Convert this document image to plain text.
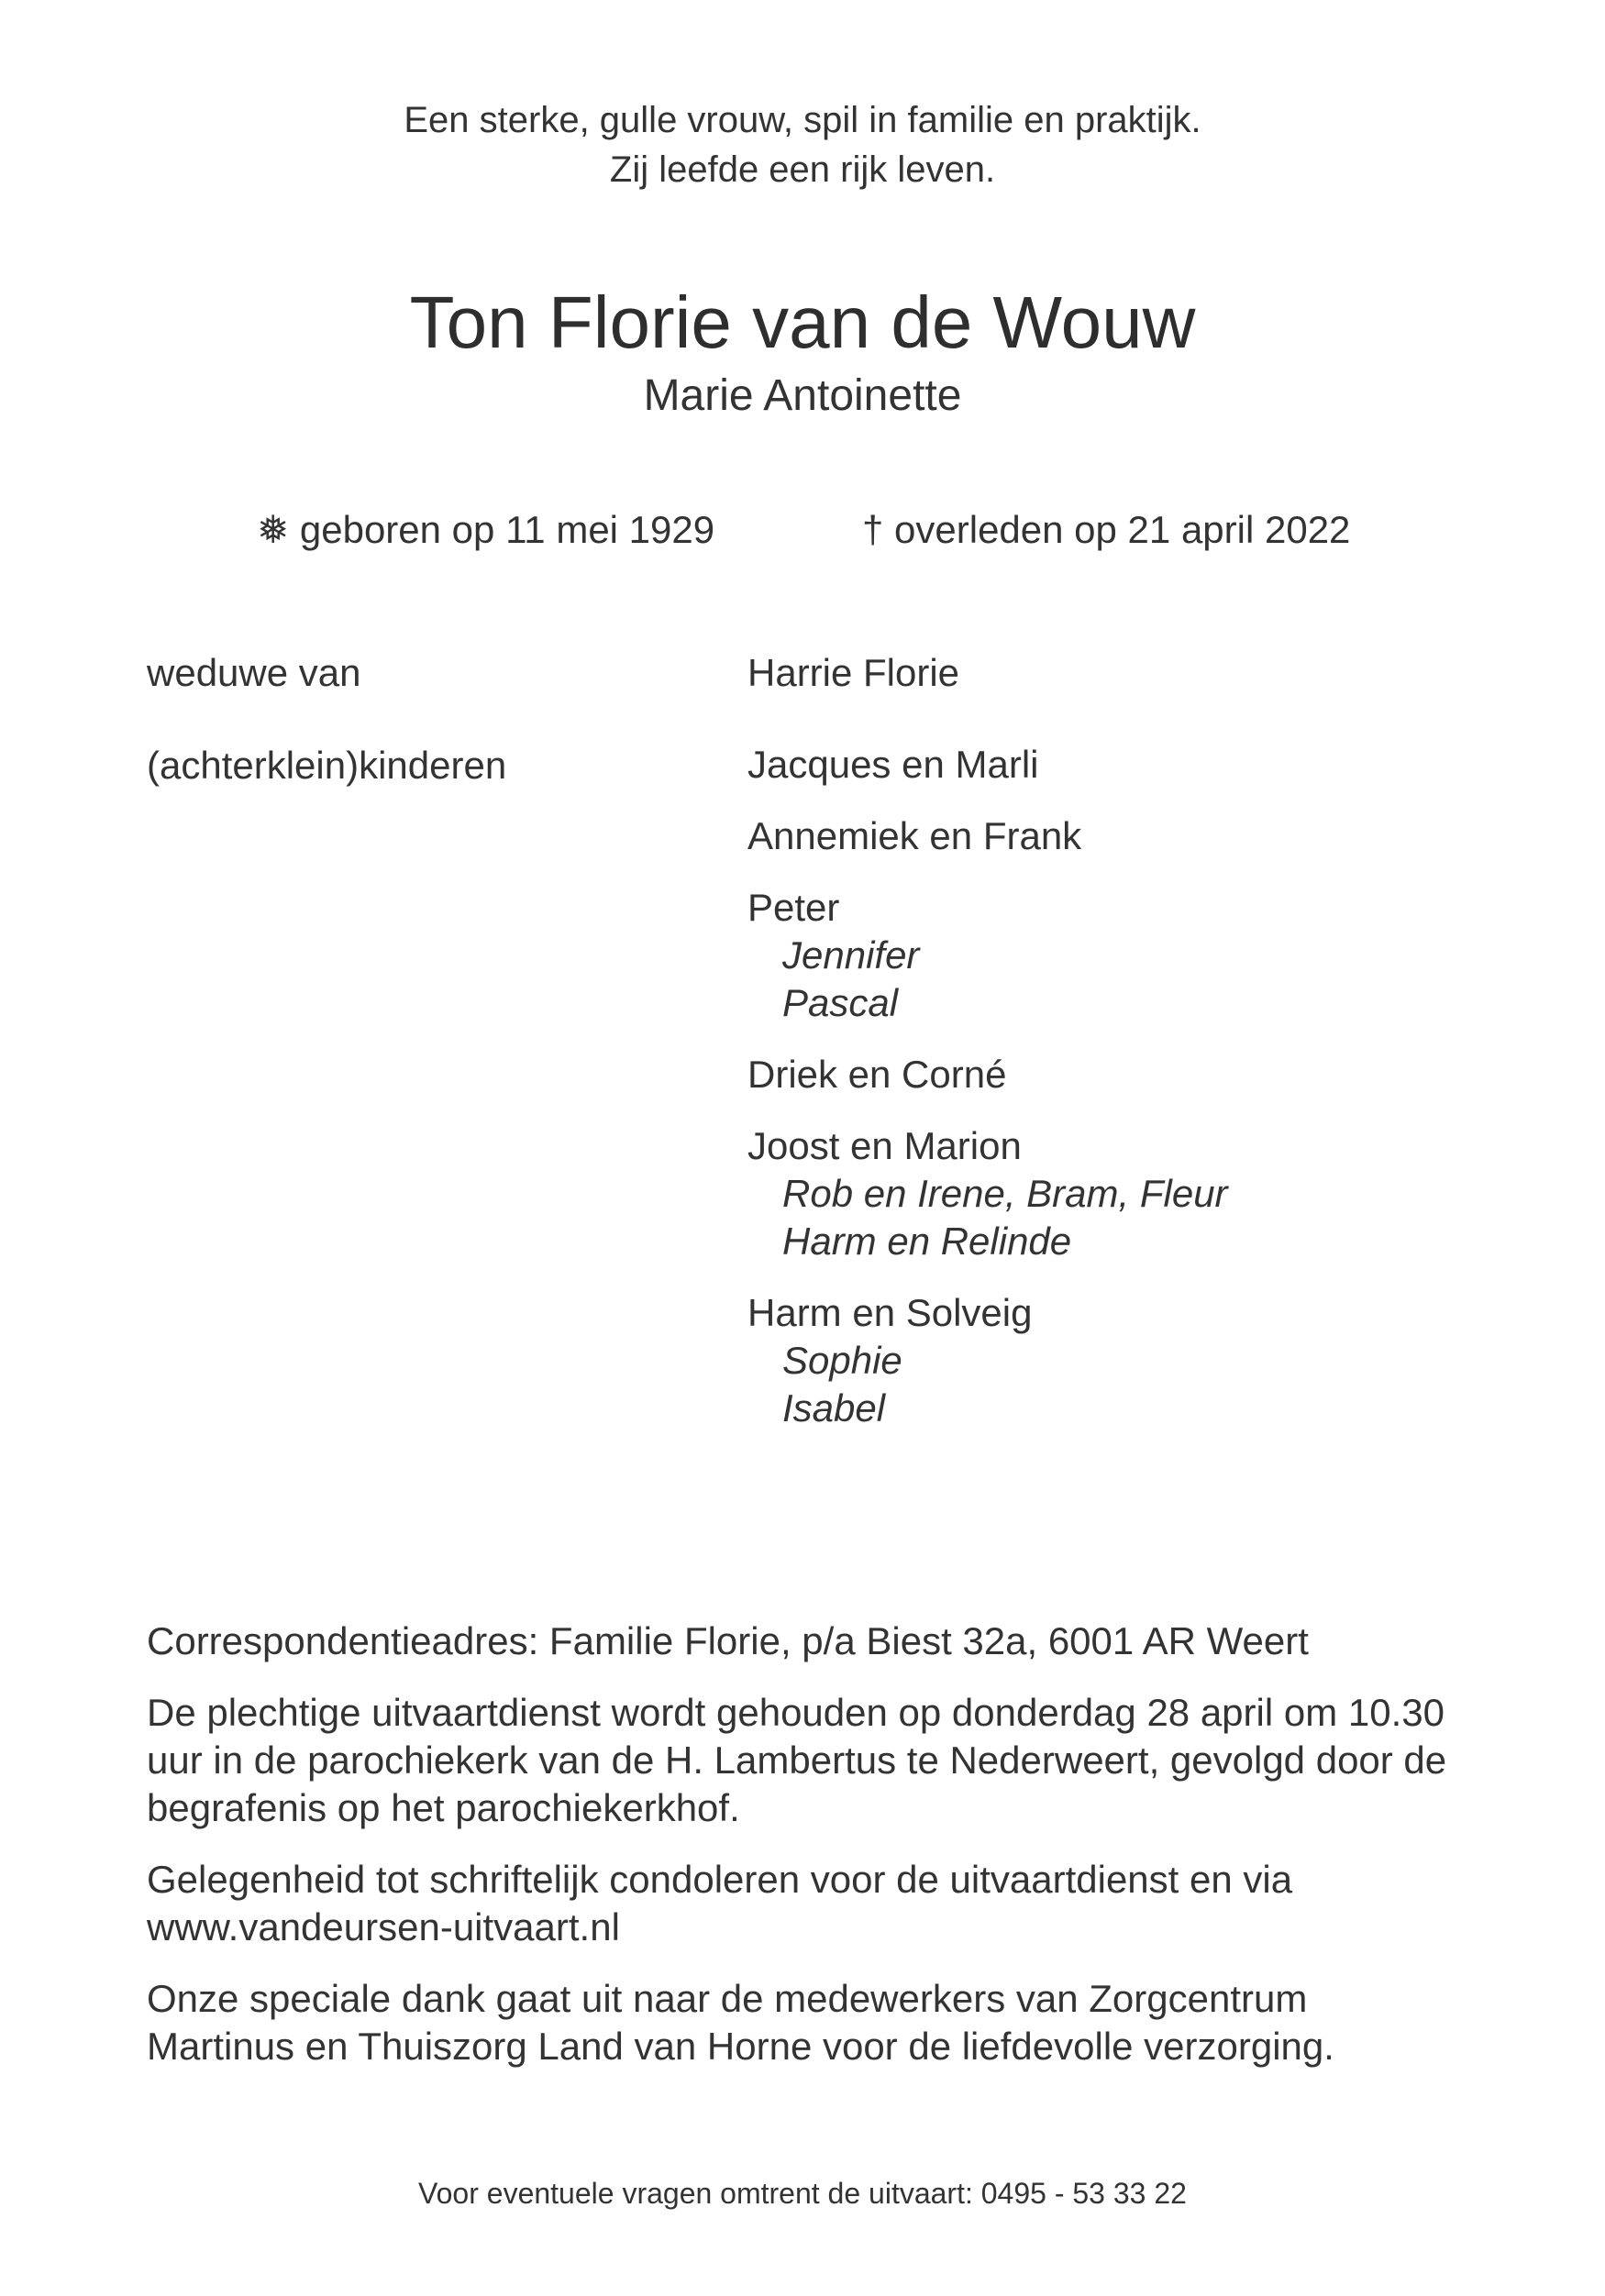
Een sterke, gulle vrouw, spil in familie en praktijk.
Zij leefde een rijk leven.
Ton Florie van de Wouw
Marie Antoinette
❅ geboren op 11 mei 1929	† overleden op 21 april 2022
weduwe van	Harrie Florie
(achterklein)kinderen	Jacques en Marli
Annemiek en Frank
Peter
Jennifer
Pascal
Driek en Corné
Joost en Marion
Rob en Irene, Bram, Fleur
Harm en Relinde
Harm en Solveig
Sophie
Isabel

Correspondentieadres: Familie Florie, p/a Biest 32a, 6001 AR Weert

De plechtige uitvaartdienst wordt gehouden op donderdag 28 april om 10.30 uur in de parochiekerk van de H. Lambertus te Nederweert, gevolgd door de begrafenis op het parochiekerkhof.

Gelegenheid tot schriftelijk condoleren voor de uitvaartdienst en via www.vandeursen-uitvaart.nl

Onze speciale dank gaat uit naar de medewerkers van Zorgcentrum Martinus en Thuiszorg Land van Horne voor de liefdevolle verzorging.

Voor eventuele vragen omtrent de uitvaart: 0495 - 53 33 22
